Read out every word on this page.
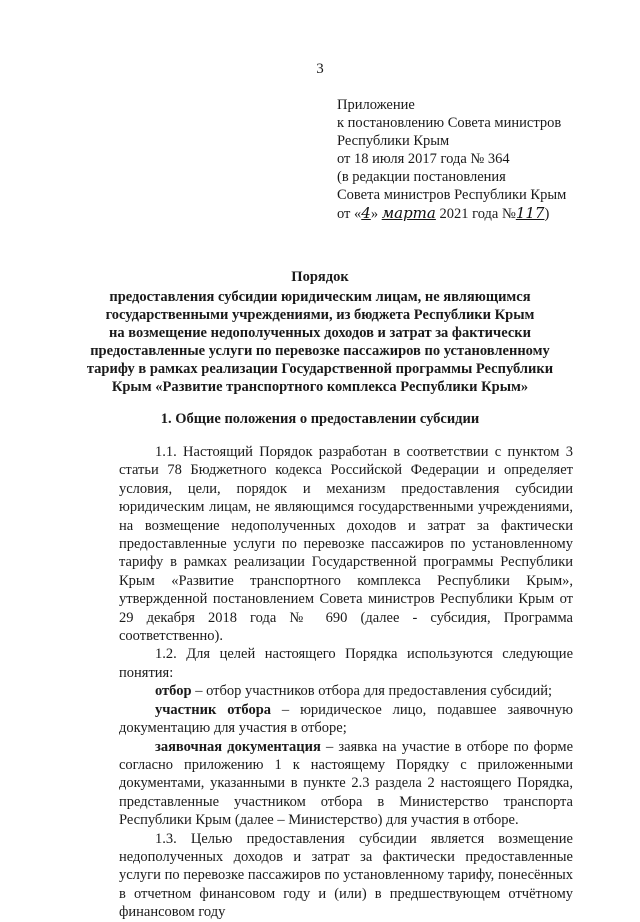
3
Приложение
к постановлению Совета министров
Республики Крым
от 18 июля 2017 года № 364
(в редакции постановления
Совета министров Республики Крым
от «4» марта 2021 года №117)
Порядок
предоставления субсидии юридическим лицам, не являющимся
государственными учреждениями, из бюджета Республики Крым
на возмещение недополученных доходов и затрат за фактически
предоставленные услуги по перевозке пассажиров по установленному
тарифу в рамках реализации Государственной программы Республики
Крым «Развитие транспортного комплекса Республики Крым»
1. Общие положения о предоставлении субсидии

1.1. Настоящий Порядок разработан в соответствии с пунктом 3 статьи 78 Бюджетного кодекса Российской Федерации и определяет условия, цели, порядок и механизм предоставления субсидии юридическим лицам, не являющимся государственными учреждениями, на возмещение недополученных доходов и затрат за фактически предоставленные услуги по перевозке пассажиров по установленному тарифу в рамках реализации Государственной программы Республики Крым «Развитие транспортного комплекса Республики Крым», утвержденной постановлением Совета министров Республики Крым от 29 декабря 2018 года № 690 (далее - субсидия, Программа соответственно).

1.2. Для целей настоящего Порядка используются следующие понятия:

отбор – отбор участников отбора для предоставления субсидий;

участник отбора – юридическое лицо, подавшее заявочную документацию для участия в отборе;

заявочная документация – заявка на участие в отборе по форме согласно приложению 1 к настоящему Порядку с приложенными документами, указанными в пункте 2.3 раздела 2 настоящего Порядка, представленные участником отбора в Министерство транспорта Республики Крым (далее – Министерство) для участия в отборе.

1.3. Целью предоставления субсидии является возмещение недополученных доходов и затрат за фактически предоставленные услуги по перевозке пассажиров по установленному тарифу, понесённых в отчетном финансовом году и (или) в предшествующем отчётному финансовом году
